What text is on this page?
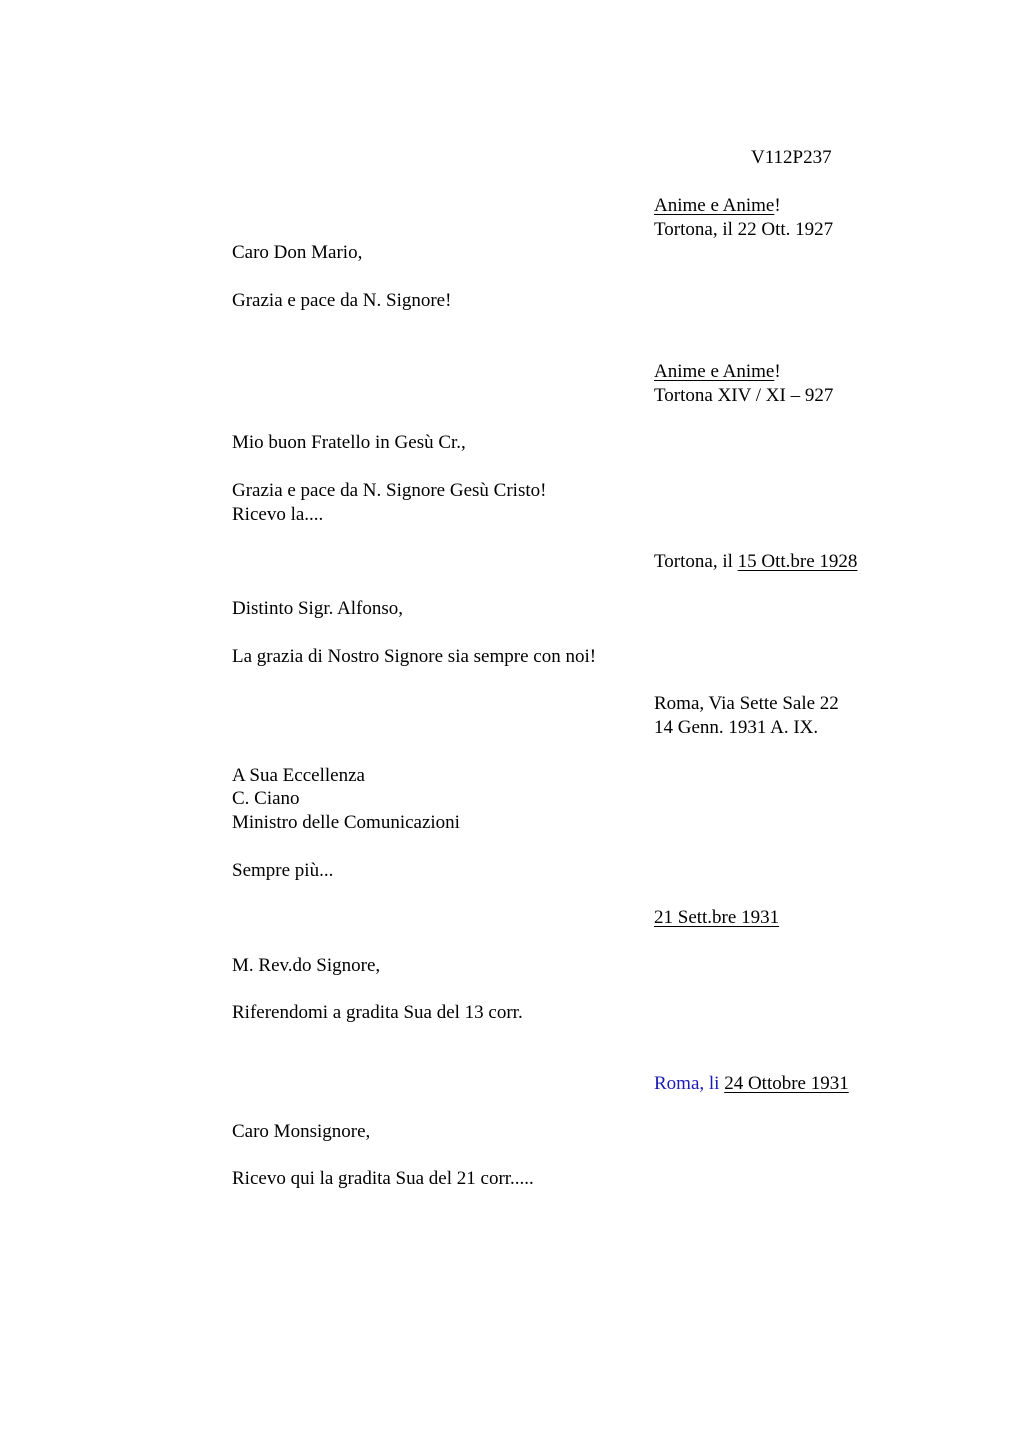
V112P237
Anime e Anime!
Tortona, il 22 Ott. 1927
Caro Don Mario,
Grazia e pace da N. Signore!
Anime e Anime!
Tortona XIV / XI – 927
Mio buon Fratello in Gesù Cr.,
Grazia e pace da N. Signore Gesù Cristo!
Ricevo la....
Tortona, il 15 Ott.bre 1928
Distinto Sigr. Alfonso,
La grazia di Nostro Signore sia sempre con noi!
Roma, Via Sette Sale 22
14 Genn. 1931 A. IX.
A Sua Eccellenza
C. Ciano
Ministro delle Comunicazioni
Sempre più...
21 Sett.bre 1931
M. Rev.do Signore,
Riferendomi a gradita Sua del 13 corr.
Roma, li 24 Ottobre 1931
Caro Monsignore,
Ricevo qui la gradita Sua del 21 corr.....
